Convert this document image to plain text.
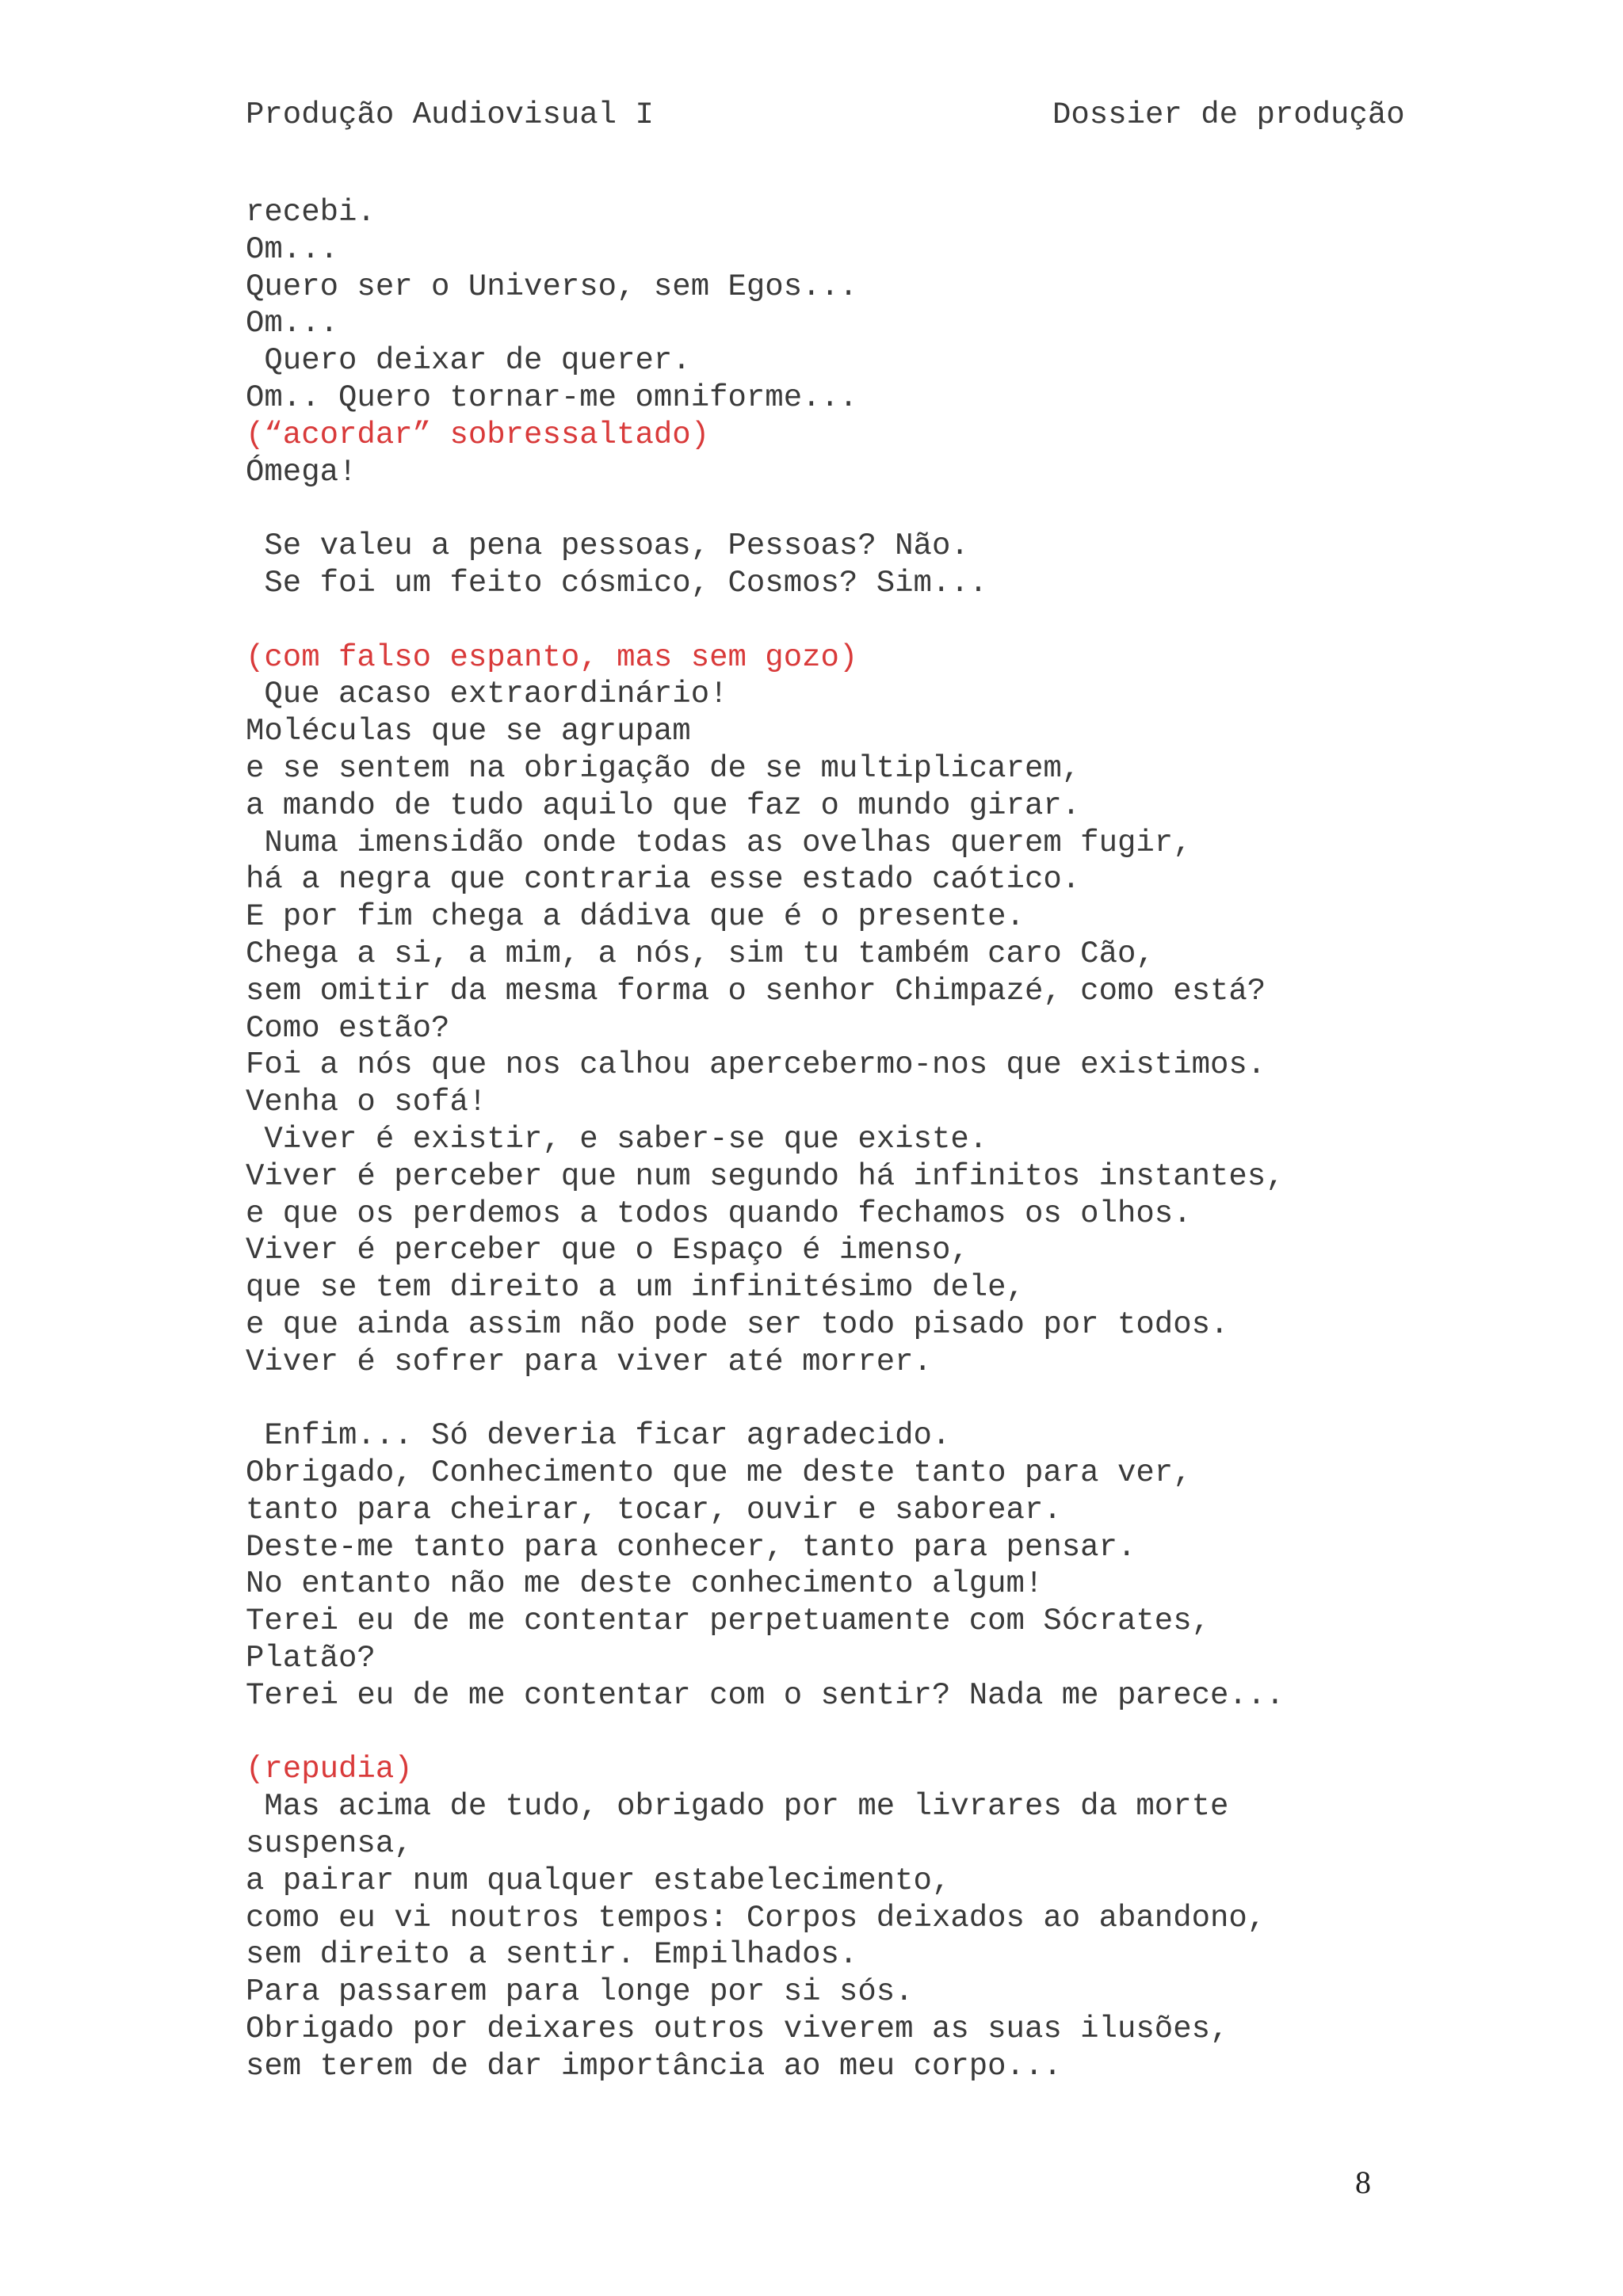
Produção Audiovisual I	Dossier de produção
recebi.
Om...
Quero ser o Universo, sem Egos...
Om...
Quero deixar de querer.
Om.. Quero tornar-me omniforme...
(“acordar” sobressaltado)
Ómega!
Se valeu a pena pessoas, Pessoas? Não.
Se foi um feito cósmico, Cosmos? Sim...
(com falso espanto, mas sem gozo)
Que acaso extraordinário!
Moléculas que se agrupam
e se sentem na obrigação de se multiplicarem,
a mando de tudo aquilo que faz o mundo girar.
Numa imensidão onde todas as ovelhas querem fugir,
há a negra que contraria esse estado caótico.
E por fim chega a dádiva que é o presente.
Chega a si, a mim, a nós, sim tu também caro Cão,
sem omitir da mesma forma o senhor Chimpazé, como está?
Como estão?
Foi a nós que nos calhou apercebermo-nos que existimos.
Venha o sofá!
Viver é existir, e saber-se que existe.
Viver é perceber que num segundo há infinitos instantes,
e que os perdemos a todos quando fechamos os olhos.
Viver é perceber que o Espaço é imenso,
que se tem direito a um infinitésimo dele,
e que ainda assim não pode ser todo pisado por todos.
Viver é sofrer para viver até morrer.
Enfim... Só deveria ficar agradecido.
Obrigado, Conhecimento que me deste tanto para ver,
tanto para cheirar, tocar, ouvir e saborear.
Deste-me tanto para conhecer, tanto para pensar.
No entanto não me deste conhecimento algum!
Terei eu de me contentar perpetuamente com Sócrates,
Platão?
Terei eu de me contentar com o sentir? Nada me parece...
(repudia)
Mas acima de tudo, obrigado por me livrares da morte
suspensa,
a pairar num qualquer estabelecimento,
como eu vi noutros tempos: Corpos deixados ao abandono,
sem direito a sentir. Empilhados.
Para passarem para longe por si sós.
Obrigado por deixares outros viverem as suas ilusões,
sem terem de dar importância ao meu corpo...
8
